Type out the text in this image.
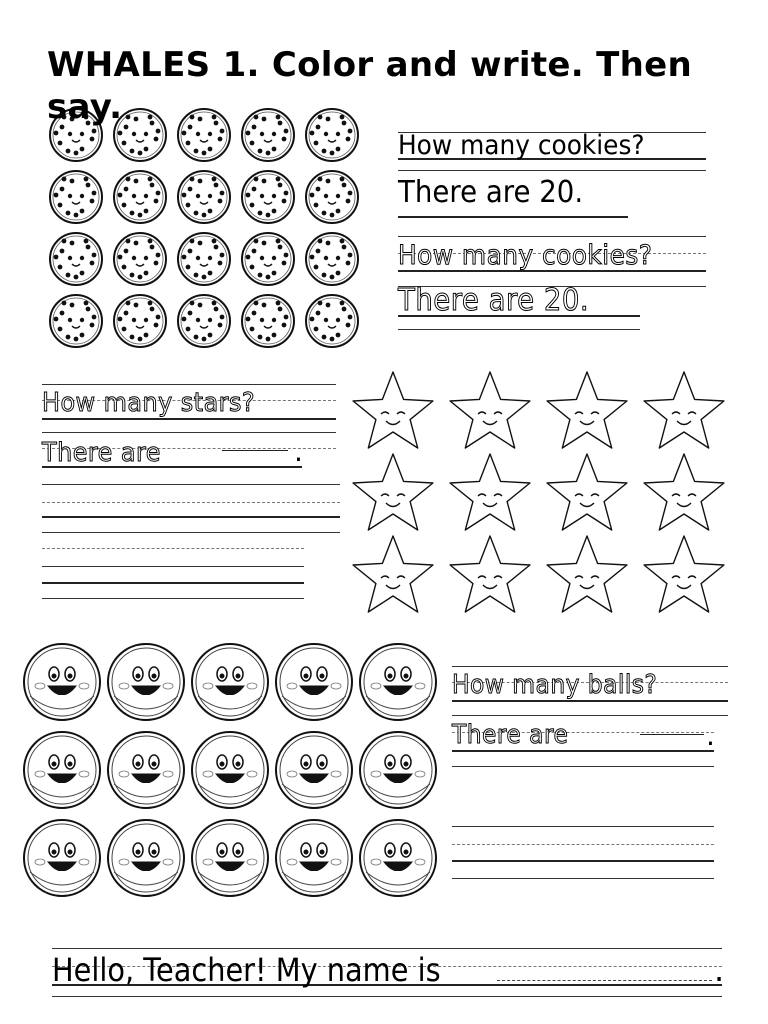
WHALES 1. Color and write. Then say.
How many cookies?
There are 20.
How many cookies?
There are 20.
How many stars?
There are	.
How many balls?
There are	.
Hello, Teacher! My name is	.
